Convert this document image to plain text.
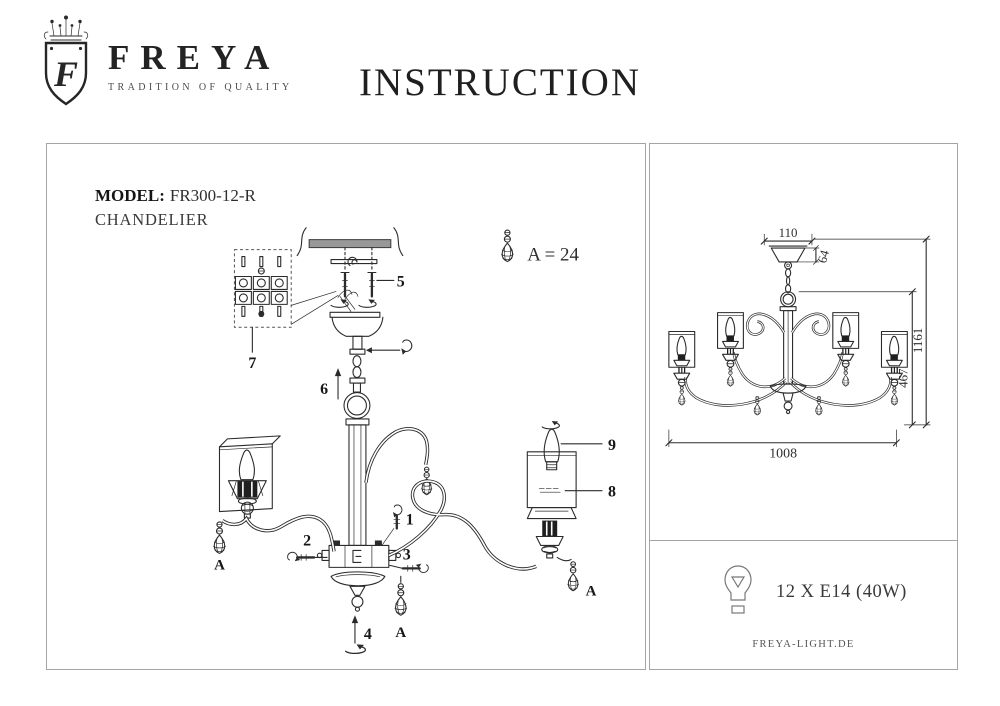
F FREYA
TRADITION OF QUALITY	INSTRUCTION
MODEL: FR300-12-R
CHANDELIER
5
7
6
4
1
2
3
A
A
9
8
A
A = 24
110
64
467
1161
1008
12 X E14 (40W)
FREYA-LIGHT.DE
